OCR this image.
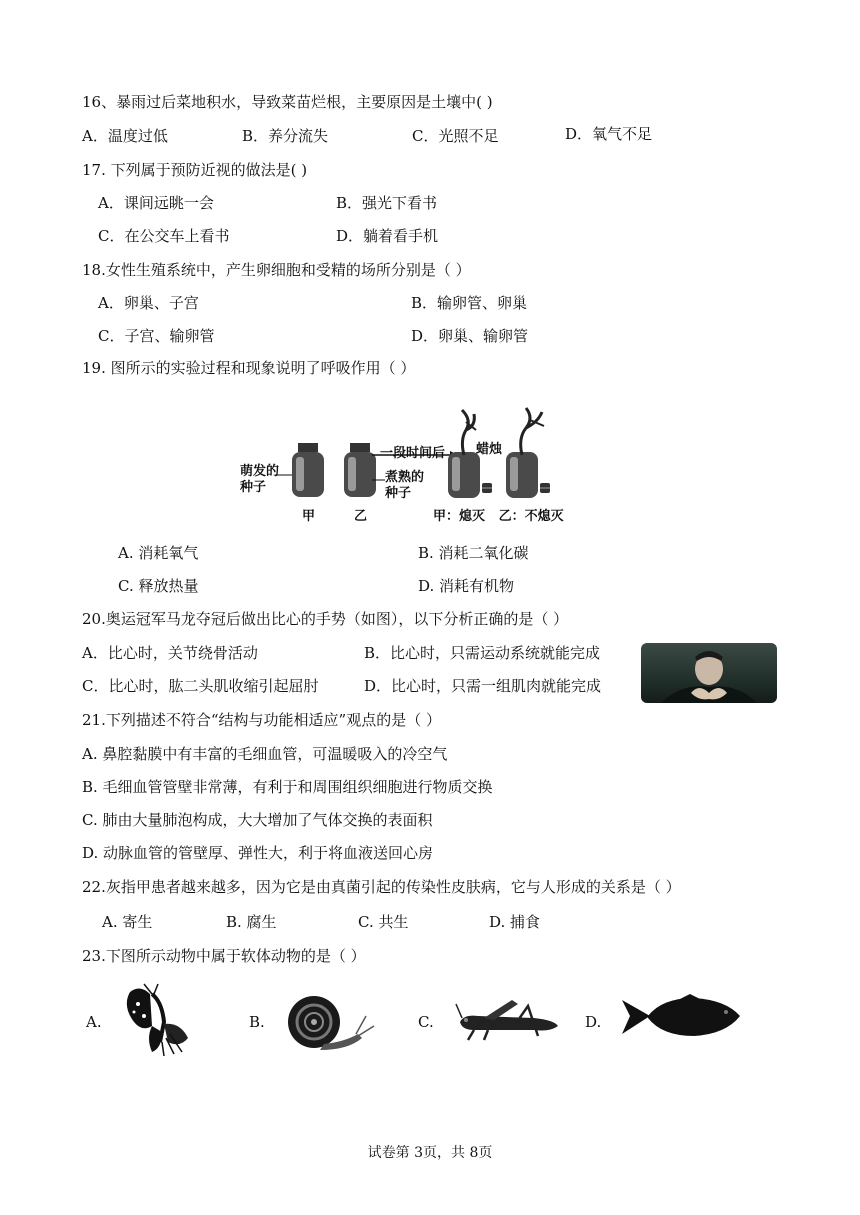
16、暴雨过后菜地积水，导致菜苗烂根，主要原因是土壤中( )
A．温度过低	B．养分流失	C．光照不足	D．氧气不足
17. 下列属于预防近视的做法是( )
A．课间远眺一会	B．强光下看书
C．在公交车上看书	D．躺着看手机
18.女性生殖系统中，产生卵细胞和受精的场所分别是（ ）
A．卵巢、子宫	B．输卵管、卵巢
C．子宫、输卵管	D．卵巢、输卵管
19. 图所示的实验过程和现象说明了呼吸作用（ ）
萌发的
种子
甲	乙
一段时间后
煮熟的
种子
蜡烛
甲：熄灭   乙：不熄灭
A. 消耗氧气	B. 消耗二氧化碳
C. 释放热量	D. 消耗有机物
20.奥运冠军马龙夺冠后做出比心的手势（如图），以下分析正确的是（ ）
A．比心时，关节绕骨活动	B．比心时，只需运动系统就能完成
C．比心时，肱二头肌收缩引起屈肘	D．比心时，只需一组肌肉就能完成
21.下列描述不符合“结构与功能相适应”观点的是（ ）
A. 鼻腔黏膜中有丰富的毛细血管，可温暖吸入的冷空气
B. 毛细血管管壁非常薄，有利于和周围组织细胞进行物质交换
C. 肺由大量肺泡构成，大大增加了气体交换的表面积
D. 动脉血管的管壁厚、弹性大，利于将血液送回心房
22.灰指甲患者越来越多，因为它是由真菌引起的传染性皮肤病，它与人形成的关系是（ ）
A. 寄生	B. 腐生	C. 共生	D. 捕食
23.下图所示动物中属于软体动物的是（ ）
A.	B.	C.	D.
试卷第 3页，共 8页
